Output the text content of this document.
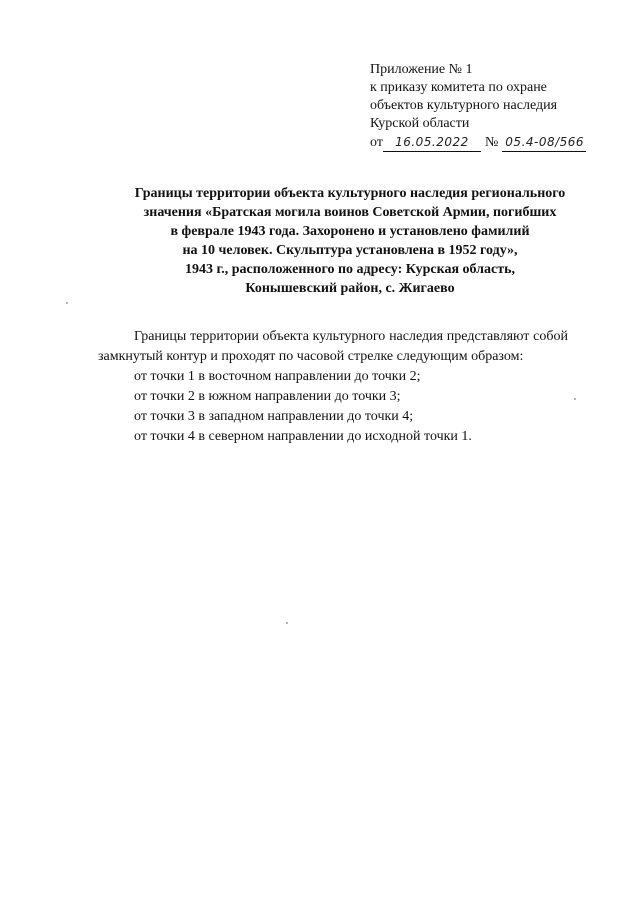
Приложение № 1
к приказу комитета по охране
объектов культурного наследия
Курской области
от	16.05.2022	№ 05.4-08/566
Границы территории объекта культурного наследия регионального
значения «Братская могила воинов Советской Армии, погибших
в феврале 1943 года. Захоронено и установлено фамилий
на 10 человек. Скульптура установлена в 1952 году»,
1943 г., расположенного по адресу: Курская область,
Конышевский район, с. Жигаево

Границы территории объекта культурного наследия представляют собой замкнутый контур и проходят по часовой стрелке следующим образом:

от точки 1 в восточном направлении до точки 2;
от точки 2 в южном направлении до точки 3;
от точки 3 в западном направлении до точки 4;
от точки 4 в северном направлении до исходной точки 1.
